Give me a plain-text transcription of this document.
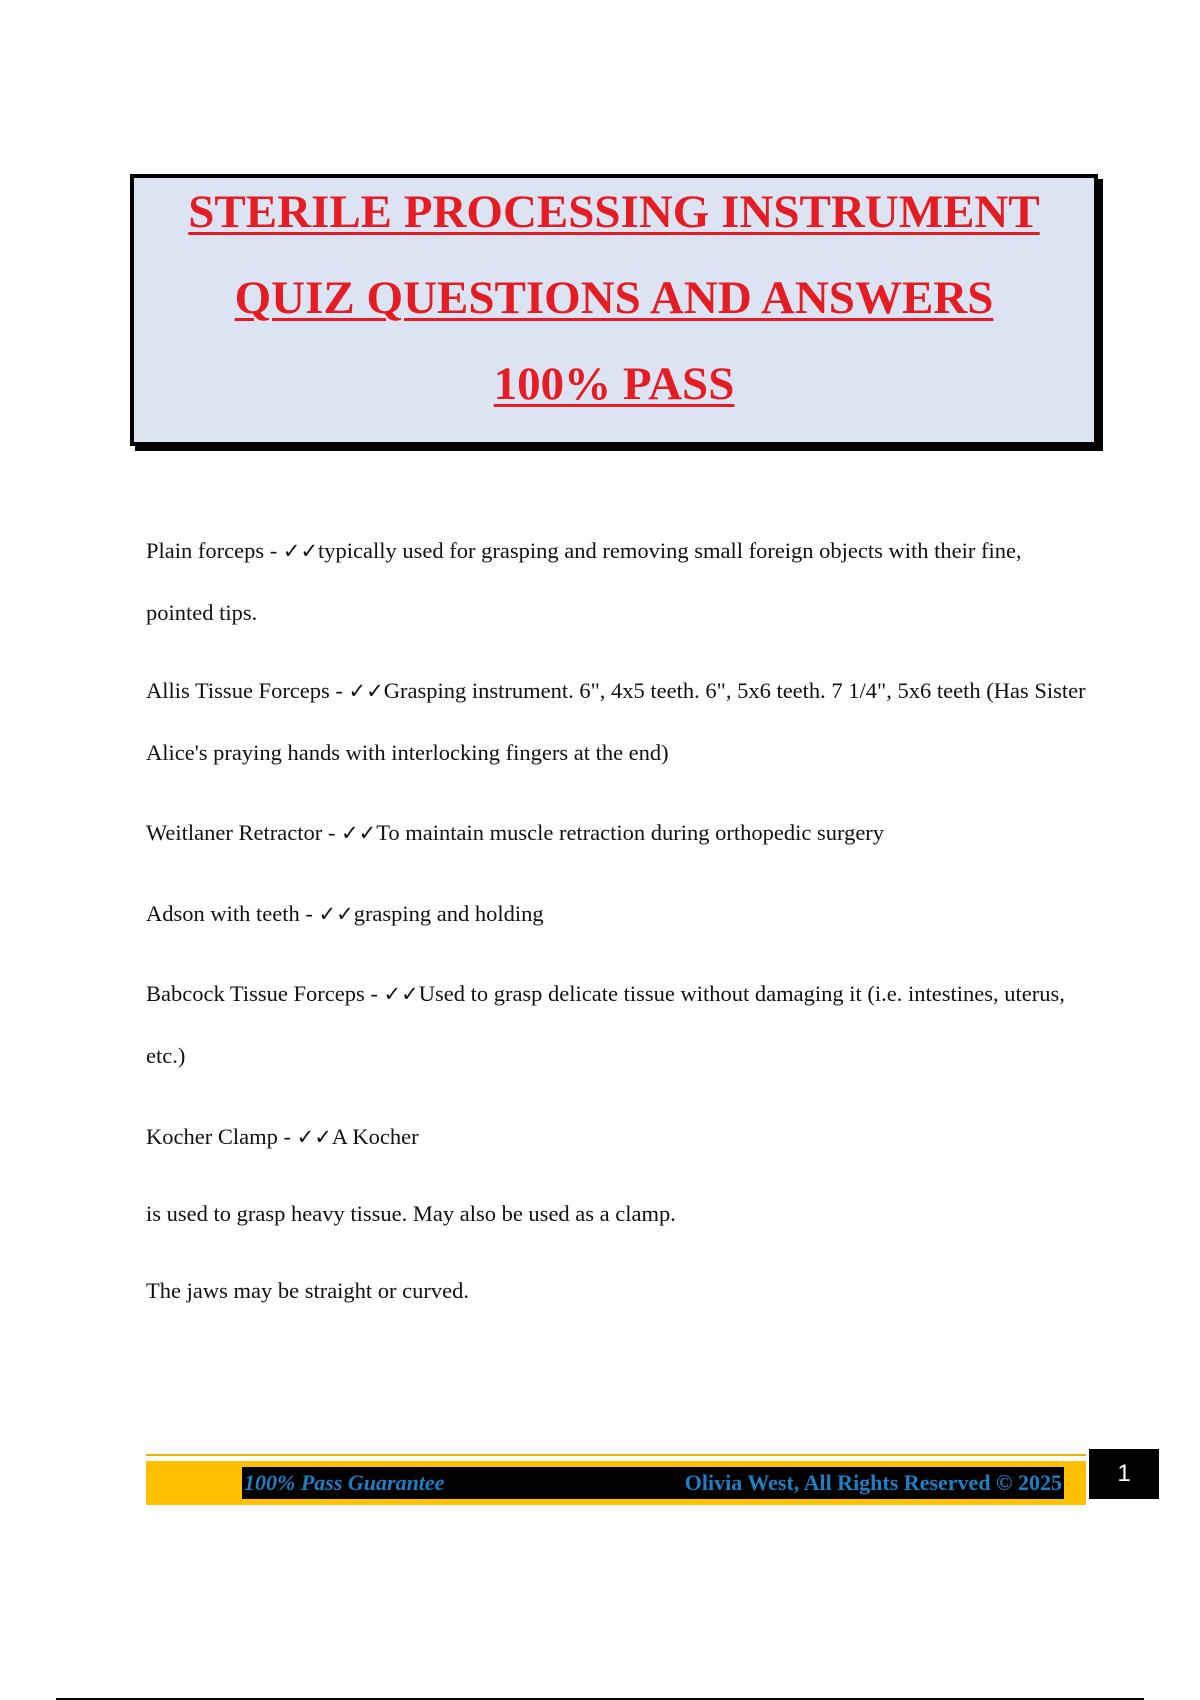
STERILE PROCESSING INSTRUMENT
QUIZ QUESTIONS AND ANSWERS
100% PASS
Plain forceps - ✓✓typically used for grasping and removing small foreign objects with their fine, pointed tips.
Allis Tissue Forceps - ✓✓Grasping instrument. 6", 4x5 teeth. 6", 5x6 teeth. 7 1/4", 5x6 teeth (Has Sister Alice's praying hands with interlocking fingers at the end)
Weitlaner Retractor - ✓✓To maintain muscle retraction during orthopedic surgery
Adson with teeth - ✓✓grasping and holding
Babcock Tissue Forceps - ✓✓Used to grasp delicate tissue without damaging it (i.e. intestines, uterus, etc.)
Kocher Clamp - ✓✓A Kocher
is used to grasp heavy tissue. May also be used as a clamp.
The jaws may be straight or curved.
100% Pass Guarantee	Olivia West, All Rights Reserved © 2025	1
